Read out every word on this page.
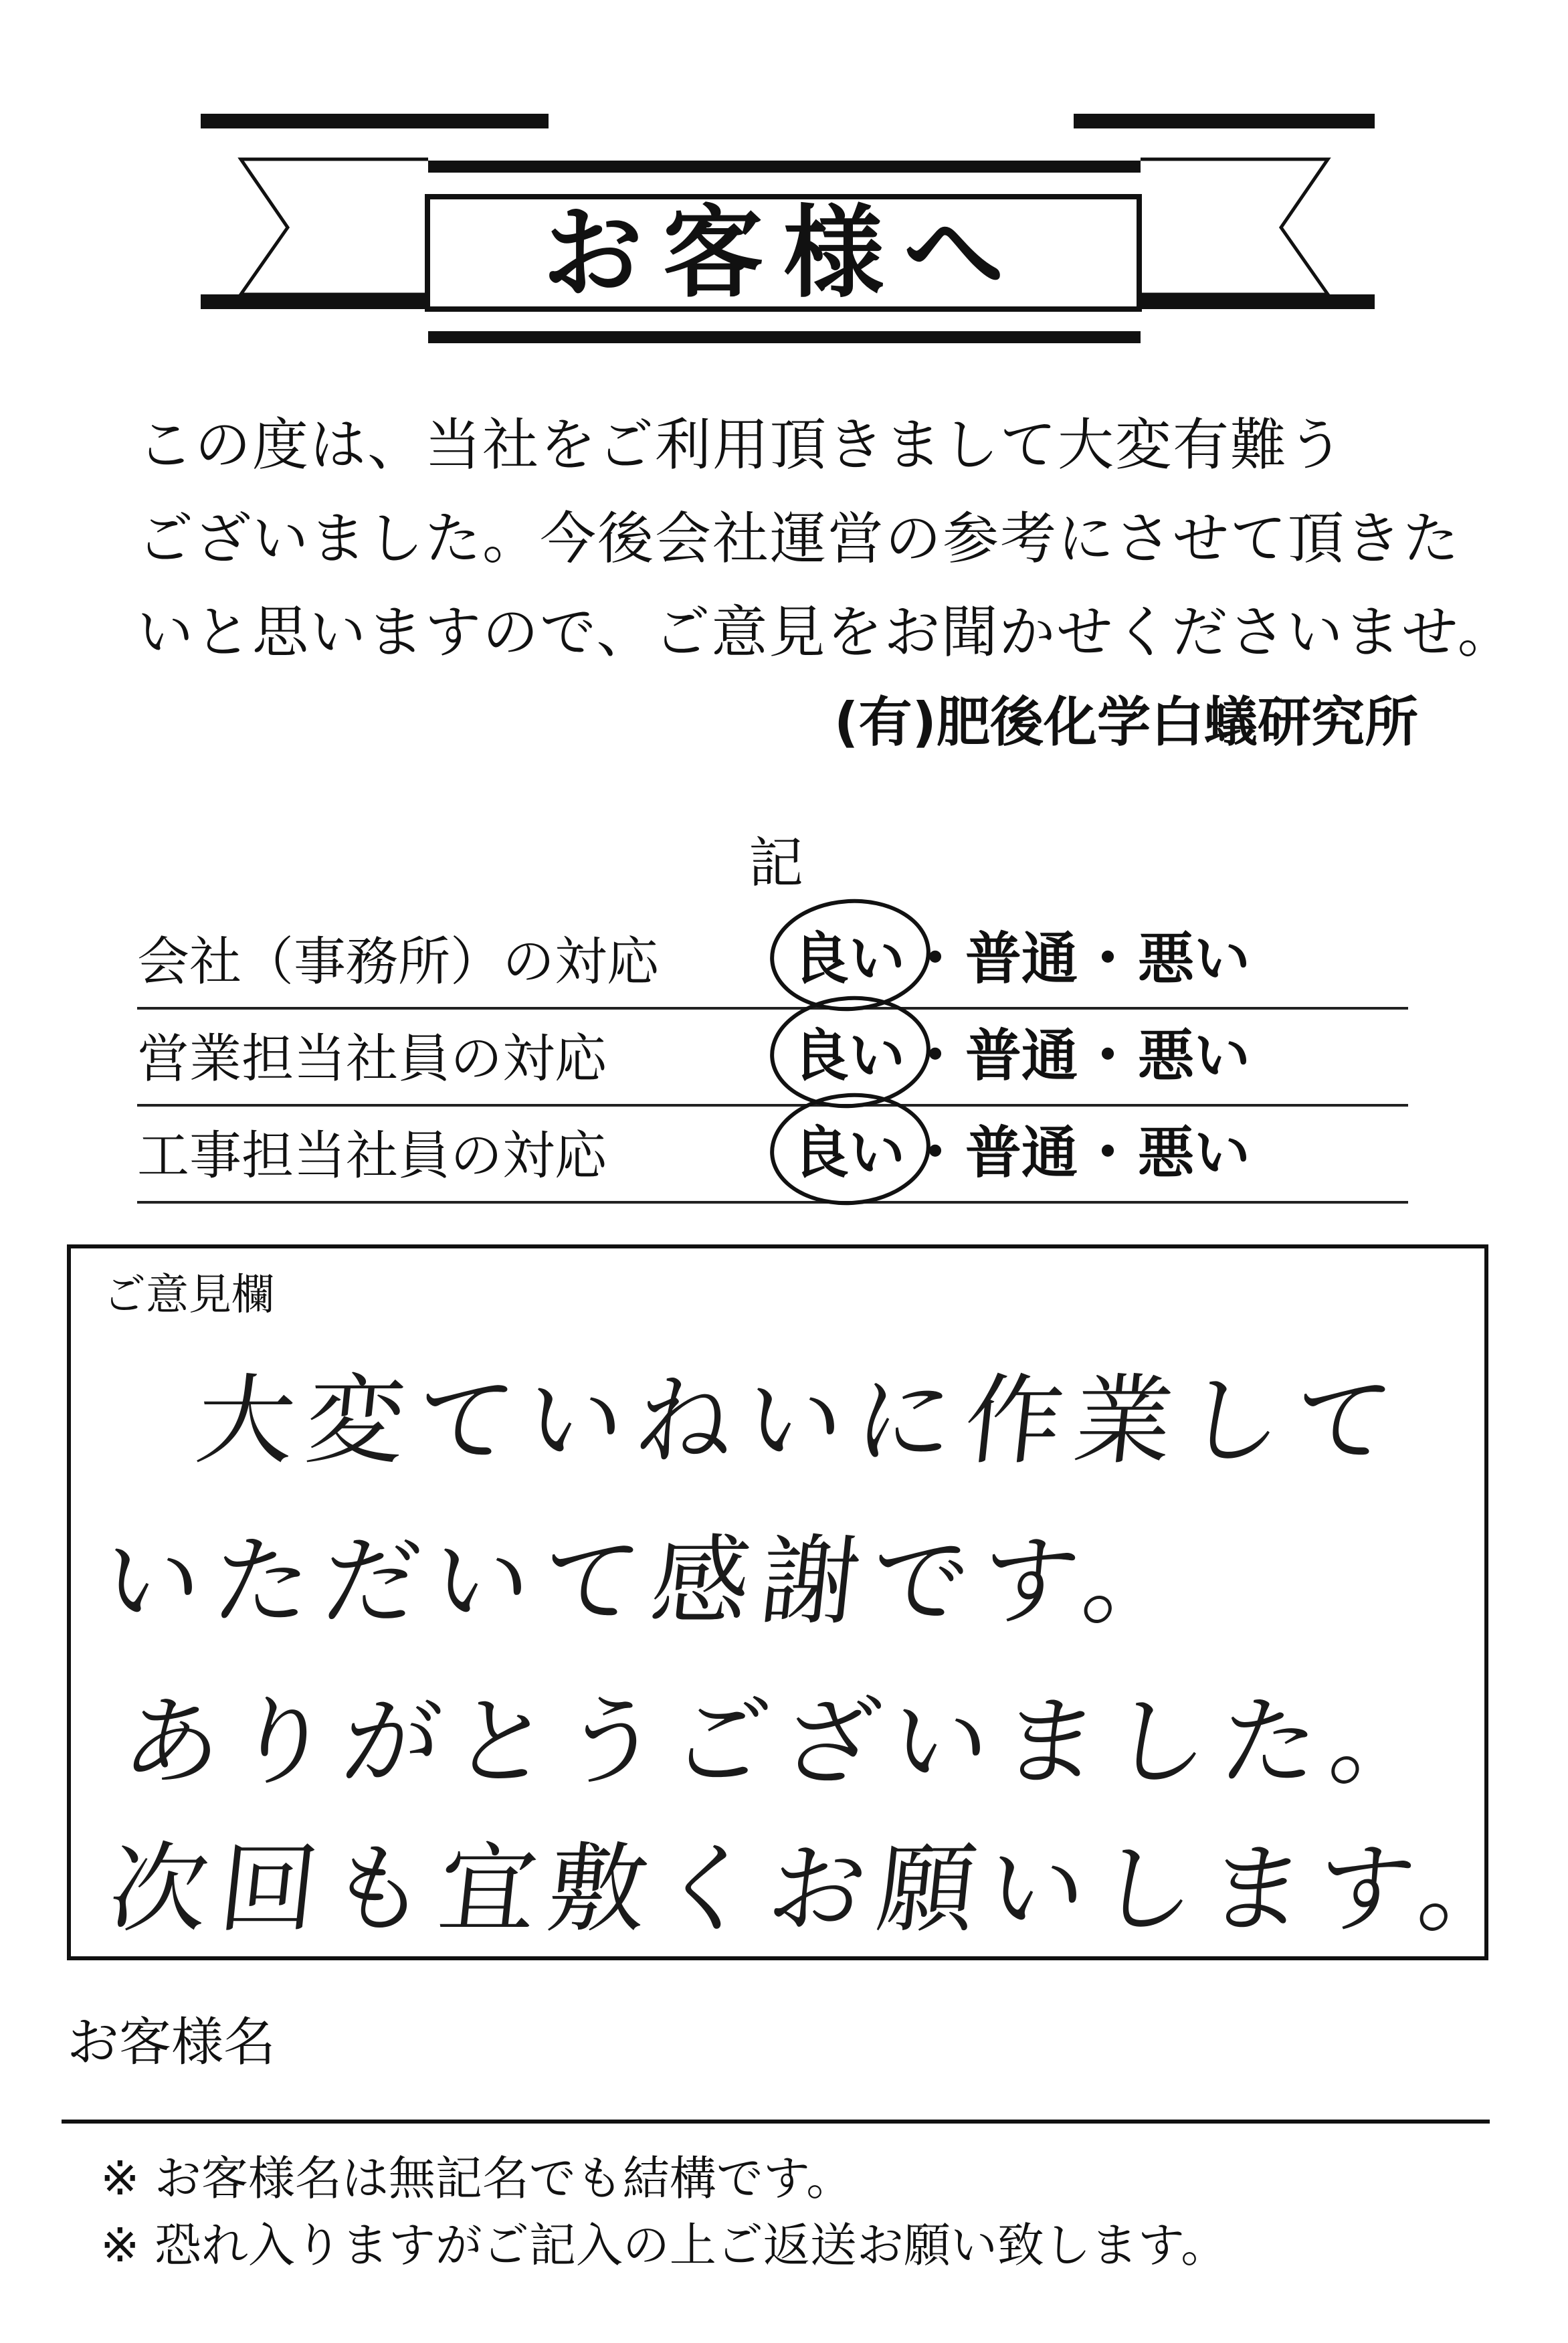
お客様へ
この度は、当社をご利用頂きまして大変有難う
ございました。今後会社運営の参考にさせて頂きた
いと思いますので、ご意見をお聞かせくださいませ。
(有)肥後化学白蟻研究所
記
会社（事務所）の対応 良い・普通・悪い
営業担当社員の対応	良い・普通・悪い
工事担当社員の対応	良い・普通・悪い
ご意見欄
大変ていねいに作業して
いただいて感謝です。
ありがとうございました。
次回も宜敷くお願いします。
お客様名
※ お客様名は無記名でも結構です。
※ 恐れ入りますがご記入の上ご返送お願い致します。
